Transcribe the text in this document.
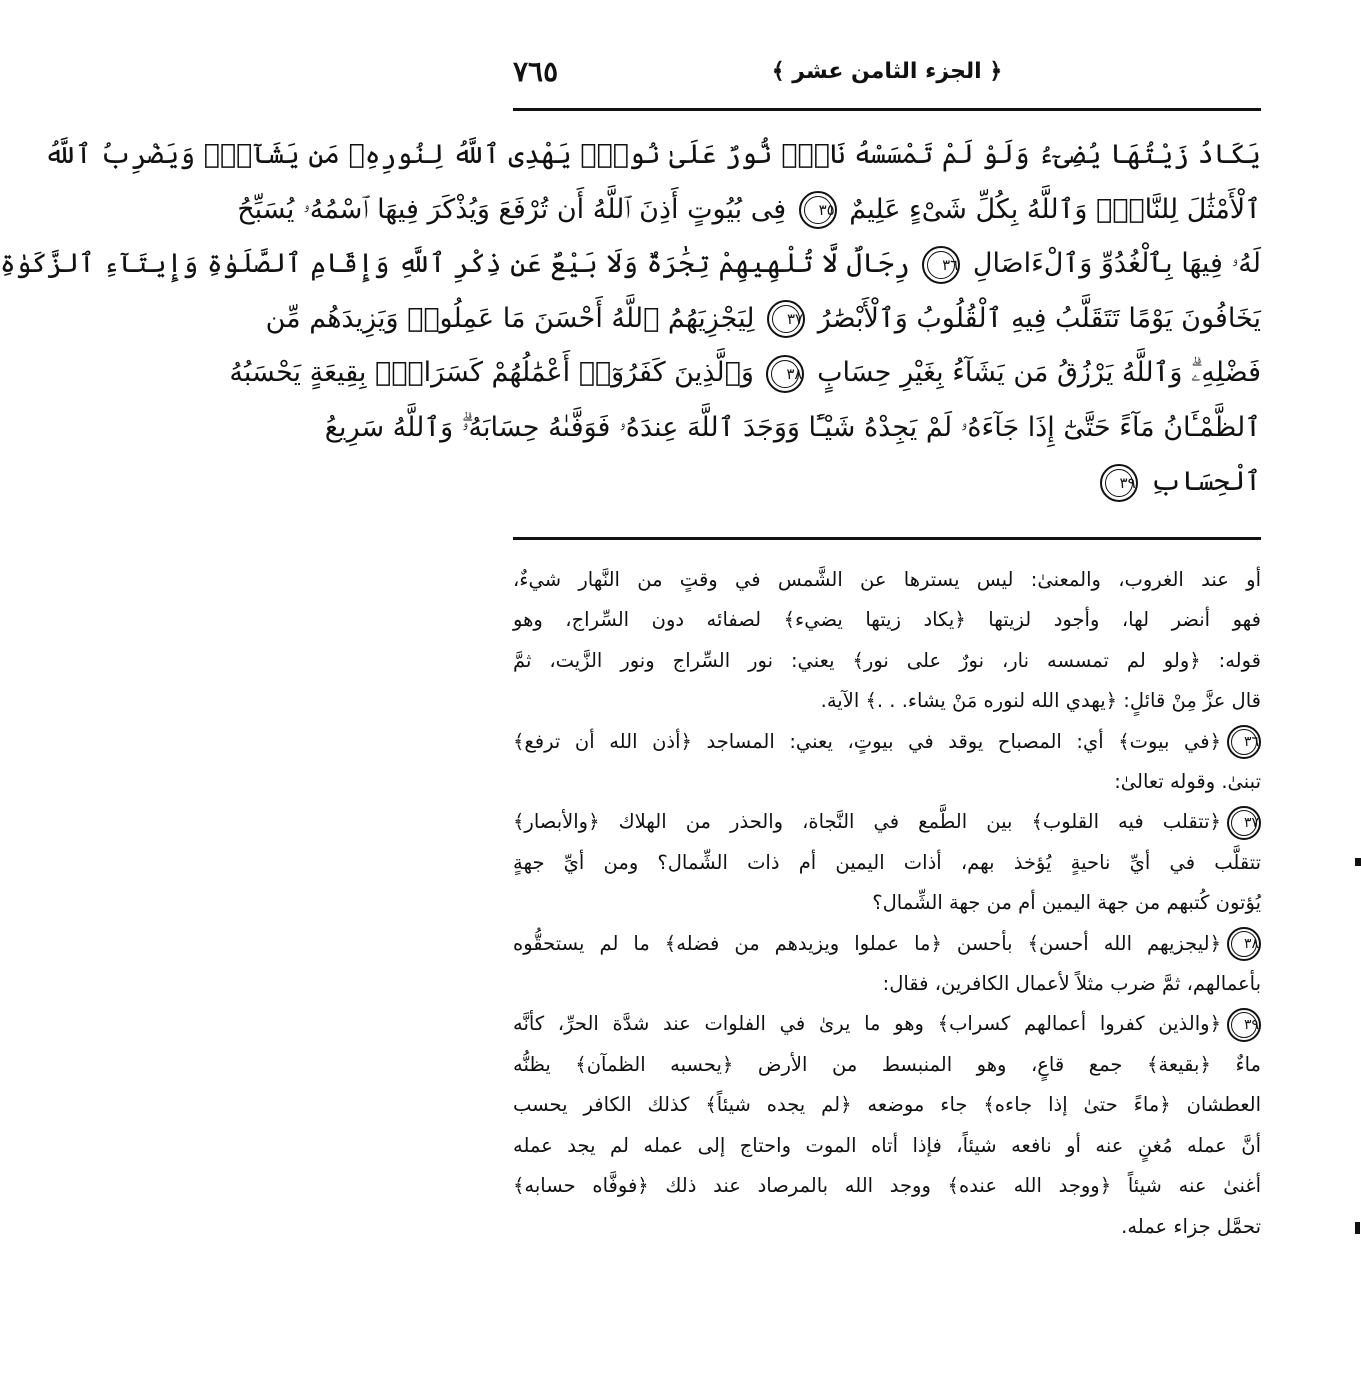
٧٦٥	﴿ الجزء الثامن عشر ﴾
يَكَادُ زَيْتُهَا يُضِىٓءُ وَلَوْ لَمْ تَمْسَسْهُ نَارٌۚ نُّورٌ عَلَىٰ نُورٍۚ يَهْدِى ٱللَّهُ لِنُورِهِۦ مَن يَشَآءُۚ وَيَضْرِبُ ٱللَّهُ
ٱلْأَمْثَٰلَ لِلنَّاسِۗ وَٱللَّهُ بِكُلِّ شَىْءٍ عَلِيمٌ ٣٥ فِى بُيُوتٍ أَذِنَ ٱللَّهُ أَن تُرْفَعَ وَيُذْكَرَ فِيهَا ٱسْمُهُۥ يُسَبِّحُ
لَهُۥ فِيهَا بِٱلْغُدُوِّ وَٱلْءَاصَالِ ٣٦ رِجَالٌ لَّا تُلْهِيهِمْ تِجَٰرَةٌ وَلَا بَيْعٌ عَن ذِكْرِ ٱللَّهِ وَإِقَامِ ٱلصَّلَوٰةِ وَإِيتَآءِ ٱلزَّكَوٰةِ
يَخَافُونَ يَوْمًا تَتَقَلَّبُ فِيهِ ٱلْقُلُوبُ وَٱلْأَبْصَٰرُ ٣٧ لِيَجْزِيَهُمُ ٱللَّهُ أَحْسَنَ مَا عَمِلُوا۟ وَيَزِيدَهُم مِّن
فَضْلِهِۦۗ وَٱللَّهُ يَرْزُقُ مَن يَشَآءُ بِغَيْرِ حِسَابٍ ٣٨ وَٱلَّذِينَ كَفَرُوٓا۟ أَعْمَٰلُهُمْ كَسَرَابٍۭ بِقِيعَةٍ يَحْسَبُهُ
ٱلظَّمْـَٔانُ مَآءً حَتَّىٰٓ إِذَا جَآءَهُۥ لَمْ يَجِدْهُ شَيْـًٔا وَوَجَدَ ٱللَّهَ عِندَهُۥ فَوَفَّىٰهُ حِسَابَهُۥۗ وَٱللَّهُ سَرِيعُ
ٱلْحِسَابِ ٣٩
أو عند الغروب، والمعنىٰ: ليس يسترها عن الشَّمس في وقتٍ من النَّهار شيءٌ،
فهو أنضر لها، وأجود لزيتها ﴿يكاد زيتها يضيء﴾ لصفائه دون السِّراج، وهو
قوله: ﴿ولو لم تمسسه نار، نورٌ على نور﴾ يعني: نور السِّراج ونور الزَّيت، ثمَّ
قال عزَّ مِنْ قائلٍ: ﴿يهدي الله لنوره مَنْ يشاء. . .﴾ الآية.
٣٦﴿في بيوت﴾ أي: المصباح يوقد في بيوتٍ، يعني: المساجد ﴿أذن الله أن ترفع﴾
تبنىٰ. وقوله تعالىٰ:
٣٧﴿تتقلب فيه القلوب﴾ بين الطَّمع في النَّجاة، والحذر من الهلاك ﴿والأبصار﴾
تتقلَّب في أيِّ ناحيةٍ يُؤخذ بهم، أذات اليمين أم ذات الشِّمال؟ ومن أيِّ جهةٍ
يُؤتون كُتبهم من جهة اليمين أم من جهة الشِّمال؟
٣٨﴿ليجزيهم الله أحسن﴾ بأحسن ﴿ما عملوا ويزيدهم من فضله﴾ ما لم يستحقُّوه
بأعمالهم، ثمَّ ضرب مثلاً لأعمال الكافرين، فقال:
٣٩﴿والذين كفروا أعمالهم كسراب﴾ وهو ما يرىٰ في الفلوات عند شدَّة الحرِّ، كأنَّه
ماءٌ ﴿بقيعة﴾ جمع قاعٍ، وهو المنبسط من الأرض ﴿يحسبه الظمآن﴾ يظنُّه
العطشان ﴿ماءً حتىٰ إذا جاءه﴾ جاء موضعه ﴿لم يجده شيئاً﴾ كذلك الكافر يحسب
أنَّ عمله مُغنٍ عنه أو نافعه شيئاً، فإذا أتاه الموت واحتاج إلى عمله لم يجد عمله
أغنىٰ عنه شيئاً ﴿ووجد الله عنده﴾ ووجد الله بالمرصاد عند ذلك ﴿فوفَّاه حسابه﴾
تحمَّل جزاء عمله.
